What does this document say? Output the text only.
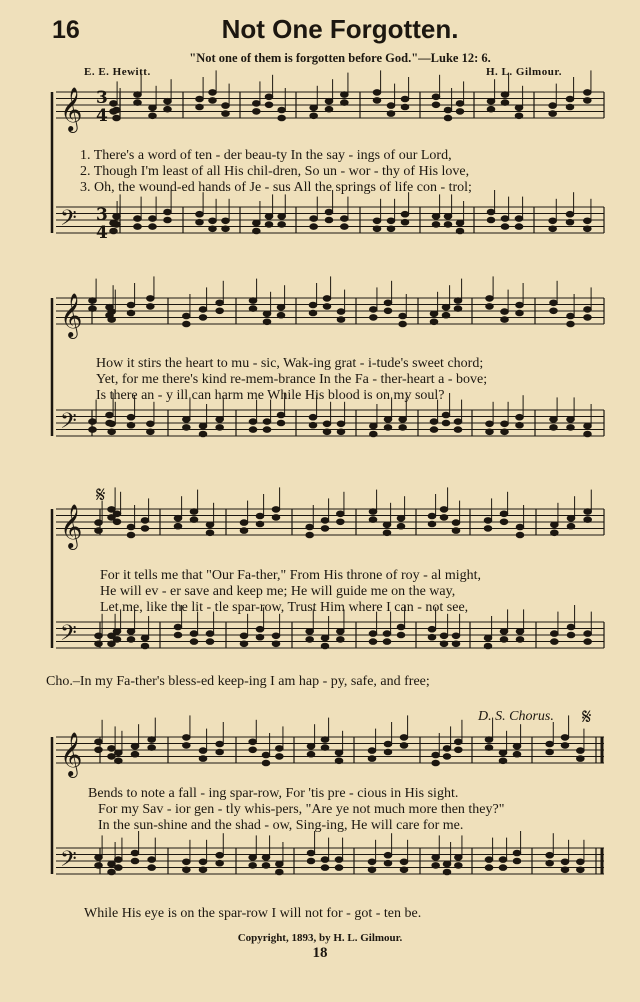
16	Not One Forgotten.
"Not one of them is forgotten before God."—Luke 12: 6.
E. E. Hewitt.	H. L. Gilmour.
𝄞
𝄢
𝄞
𝄢
𝄞
𝄢
𝄞
𝄢
3
4
3
4
𝄋
𝄋
1. There's a word of ten - der beau-ty In the say - ings of our Lord,
2. Though I'm least of all His chil-dren, So un - wor - thy of His love,
3. Oh, the wound-ed hands of Je - sus All the springs of life con - trol;
How it stirs the heart to mu - sic, Wak-ing grat - i-tude's sweet chord;
Yet, for me there's kind re-mem-brance In the Fa - ther-heart a - bove;
Is there an - y ill can harm me While His blood is on my soul?
For it tells me that "Our Fa-ther," From His throne of roy - al might,
He will ev - er save and keep me; He will guide me on the way,
Let me, like the lit - tle spar-row, Trust Him where I can - not see,
Cho.–In my Fa-ther's bless-ed keep-ing I am hap - py, safe, and free;
D. S. Chorus.
Bends to note a fall - ing spar-row, For 'tis pre - cious in His sight.
For my Sav - ior gen - tly whis-pers, "Are ye not much more then they?"
In the sun-shine and the shad - ow, Sing-ing, He will care for me.
While His eye is on the spar-row I will not for - got - ten be.
Copyright, 1893, by H. L. Gilmour.
18
